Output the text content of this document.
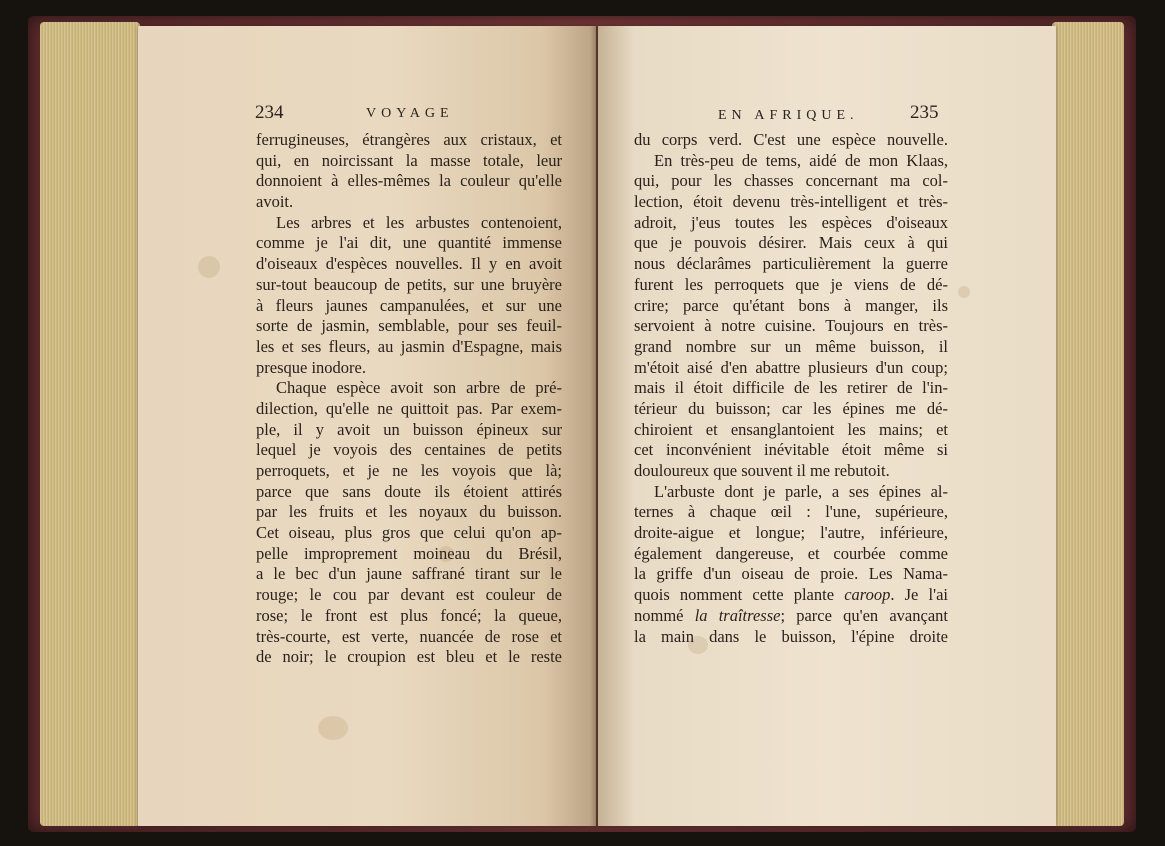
234	VOYAGE
ferrugineuses, étrangères aux cristaux, et
qui, en noircissant la masse totale, leur
donnoient à elles-mêmes la couleur qu'elle
avoit.
Les arbres et les arbustes contenoient,
comme je l'ai dit, une quantité immense
d'oiseaux d'espèces nouvelles. Il y en avoit
sur-tout beaucoup de petits, sur une bruyère
à fleurs jaunes campanulées, et sur une
sorte de jasmin, semblable, pour ses feuil-
les et ses fleurs, au jasmin d'Espagne, mais
presque inodore.
Chaque espèce avoit son arbre de pré-
dilection, qu'elle ne quittoit pas. Par exem-
ple, il y avoit un buisson épineux sur
lequel je voyois des centaines de petits
perroquets, et je ne les voyois que là;
parce que sans doute ils étoient attirés
par les fruits et les noyaux du buisson.
Cet oiseau, plus gros que celui qu'on ap-
pelle improprement moineau du Brésil,
a le bec d'un jaune saffrané tirant sur le
rouge; le cou par devant est couleur de
rose; le front est plus foncé; la queue,
très-courte, est verte, nuancée de rose et
de noir; le croupion est bleu et le reste
EN AFRIQUE.	235
du corps verd. C'est une espèce nouvelle.
En très-peu de tems, aidé de mon Klaas,
qui, pour les chasses concernant ma col-
lection, étoit devenu très-intelligent et très-
adroit, j'eus toutes les espèces d'oiseaux
que je pouvois désirer. Mais ceux à qui
nous déclarâmes particulièrement la guerre
furent les perroquets que je viens de dé-
crire; parce qu'étant bons à manger, ils
servoient à notre cuisine. Toujours en très-
grand nombre sur un même buisson, il
m'étoit aisé d'en abattre plusieurs d'un coup;
mais il étoit difficile de les retirer de l'in-
térieur du buisson; car les épines me dé-
chiroient et ensanglantoient les mains; et
cet inconvénient inévitable étoit même si
douloureux que souvent il me rebutoit.
L'arbuste dont je parle, a ses épines al-
ternes à chaque œil : l'une, supérieure,
droite-aigue et longue; l'autre, inférieure,
également dangereuse, et courbée comme
la griffe d'un oiseau de proie. Les Nama-
quois nomment cette plante caroop. Je l'ai
nommé la traîtresse; parce qu'en avançant
la main dans le buisson, l'épine droite
